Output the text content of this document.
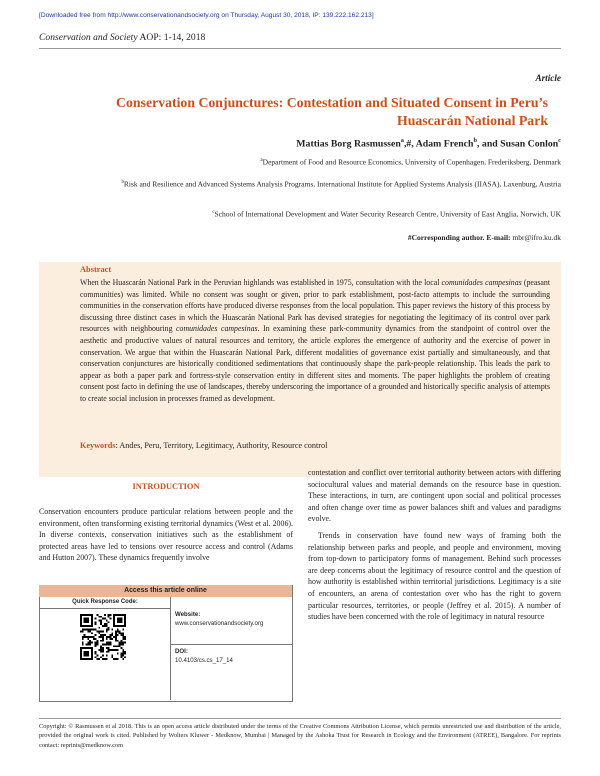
[Downloaded free from http://www.conservationandsociety.org on Thursday, August 30, 2018, IP: 139.222.162.213]
Conservation and Society AOP: 1-14, 2018
Article
Conservation Conjunctures: Contestation and Situated Consent in Peru’s Huascarán National Park
Mattias Borg Rasmussen$^a$,#, Adam French$^b$, and Susan Conlon$^c$
$^a$Department of Food and Resource Economics, University of Copenhagen, Frederiksberg, Denmark
$^b$Risk and Resilience and Advanced Systems Analysis Programs, International Institute for Applied Systems Analysis (IIASA), Laxenburg, Austria
$^c$School of International Development and Water Security Research Centre, University of East Anglia, Norwich, UK
#Corresponding author. E-mail: mbr@ifro.ku.dk
Abstract
When the Huascarán National Park in the Peruvian highlands was established in 1975, consultation with the local comunidades campesinas (peasant communities) was limited. While no consent was sought or given, prior to park establishment, post-facto attempts to include the surrounding communities in the conservation efforts have produced diverse responses from the local population. This paper reviews the history of this process by discussing three distinct cases in which the Huascarán National Park has devised strategies for negotiating the legitimacy of its control over park resources with neighbouring comunidades campesinas. In examining these park-community dynamics from the standpoint of control over the aesthetic and productive values of natural resources and territory, the article explores the emergence of authority and the exercise of power in conservation. We argue that within the Huascarán National Park, different modalities of governance exist partially and simultaneously, and that conservation conjunctures are historically conditioned sedimentations that continuously shape the park-people relationship. This leads the park to appear as both a paper park and fortress-style conservation entity in different sites and moments. The paper highlights the problem of creating consent post facto in defining the use of landscapes, thereby underscoring the importance of a grounded and historically specific analysis of attempts to create social inclusion in processes framed as development.
Keywords: Andes, Peru, Territory, Legitimacy, Authority, Resource control
INTRODUCTION
Conservation encounters produce particular relations between people and the environment, often transforming existing territorial dynamics (West et al. 2006). In diverse contexts, conservation initiatives such as the establishment of protected areas have led to tensions over resource access and control (Adams and Hutton 2007). These dynamics frequently involve

contestation and conflict over territorial authority between actors with differing sociocultural values and material demands on the resource base in question. These interactions, in turn, are contingent upon social and political processes and often change over time as power balances shift and values and paradigms evolve.

Trends in conservation have found new ways of framing both the relationship between parks and people, and people and environment, moving from top-down to participatory forms of management. Behind such processes are deep concerns about the legitimacy of resource control and the question of how authority is established within territorial jurisdictions. Legitimacy is a site of encounters, an arena of contestation over who has the right to govern particular resources, territories, or people (Jeffrey et al. 2015). A number of studies have been concerned with the role of legitimacy in natural resource

Access this article online
Quick Response Code:
Website:
www.conservationandsociety.org
DOI:
10.4103/cs.cs_17_14
Copyright: © Rasmussen et al 2018. This is an open access article distributed under the terms of the Creative Commons Attribution License, which permits unrestricted use and distribution of the article, provided the original work is cited. Published by Wolters Kluwer - Medknow, Mumbai | Managed by the Ashoka Trust for Research in Ecology and the Environment (ATREE), Bangalore. For reprints contact: reprints@medknow.com
